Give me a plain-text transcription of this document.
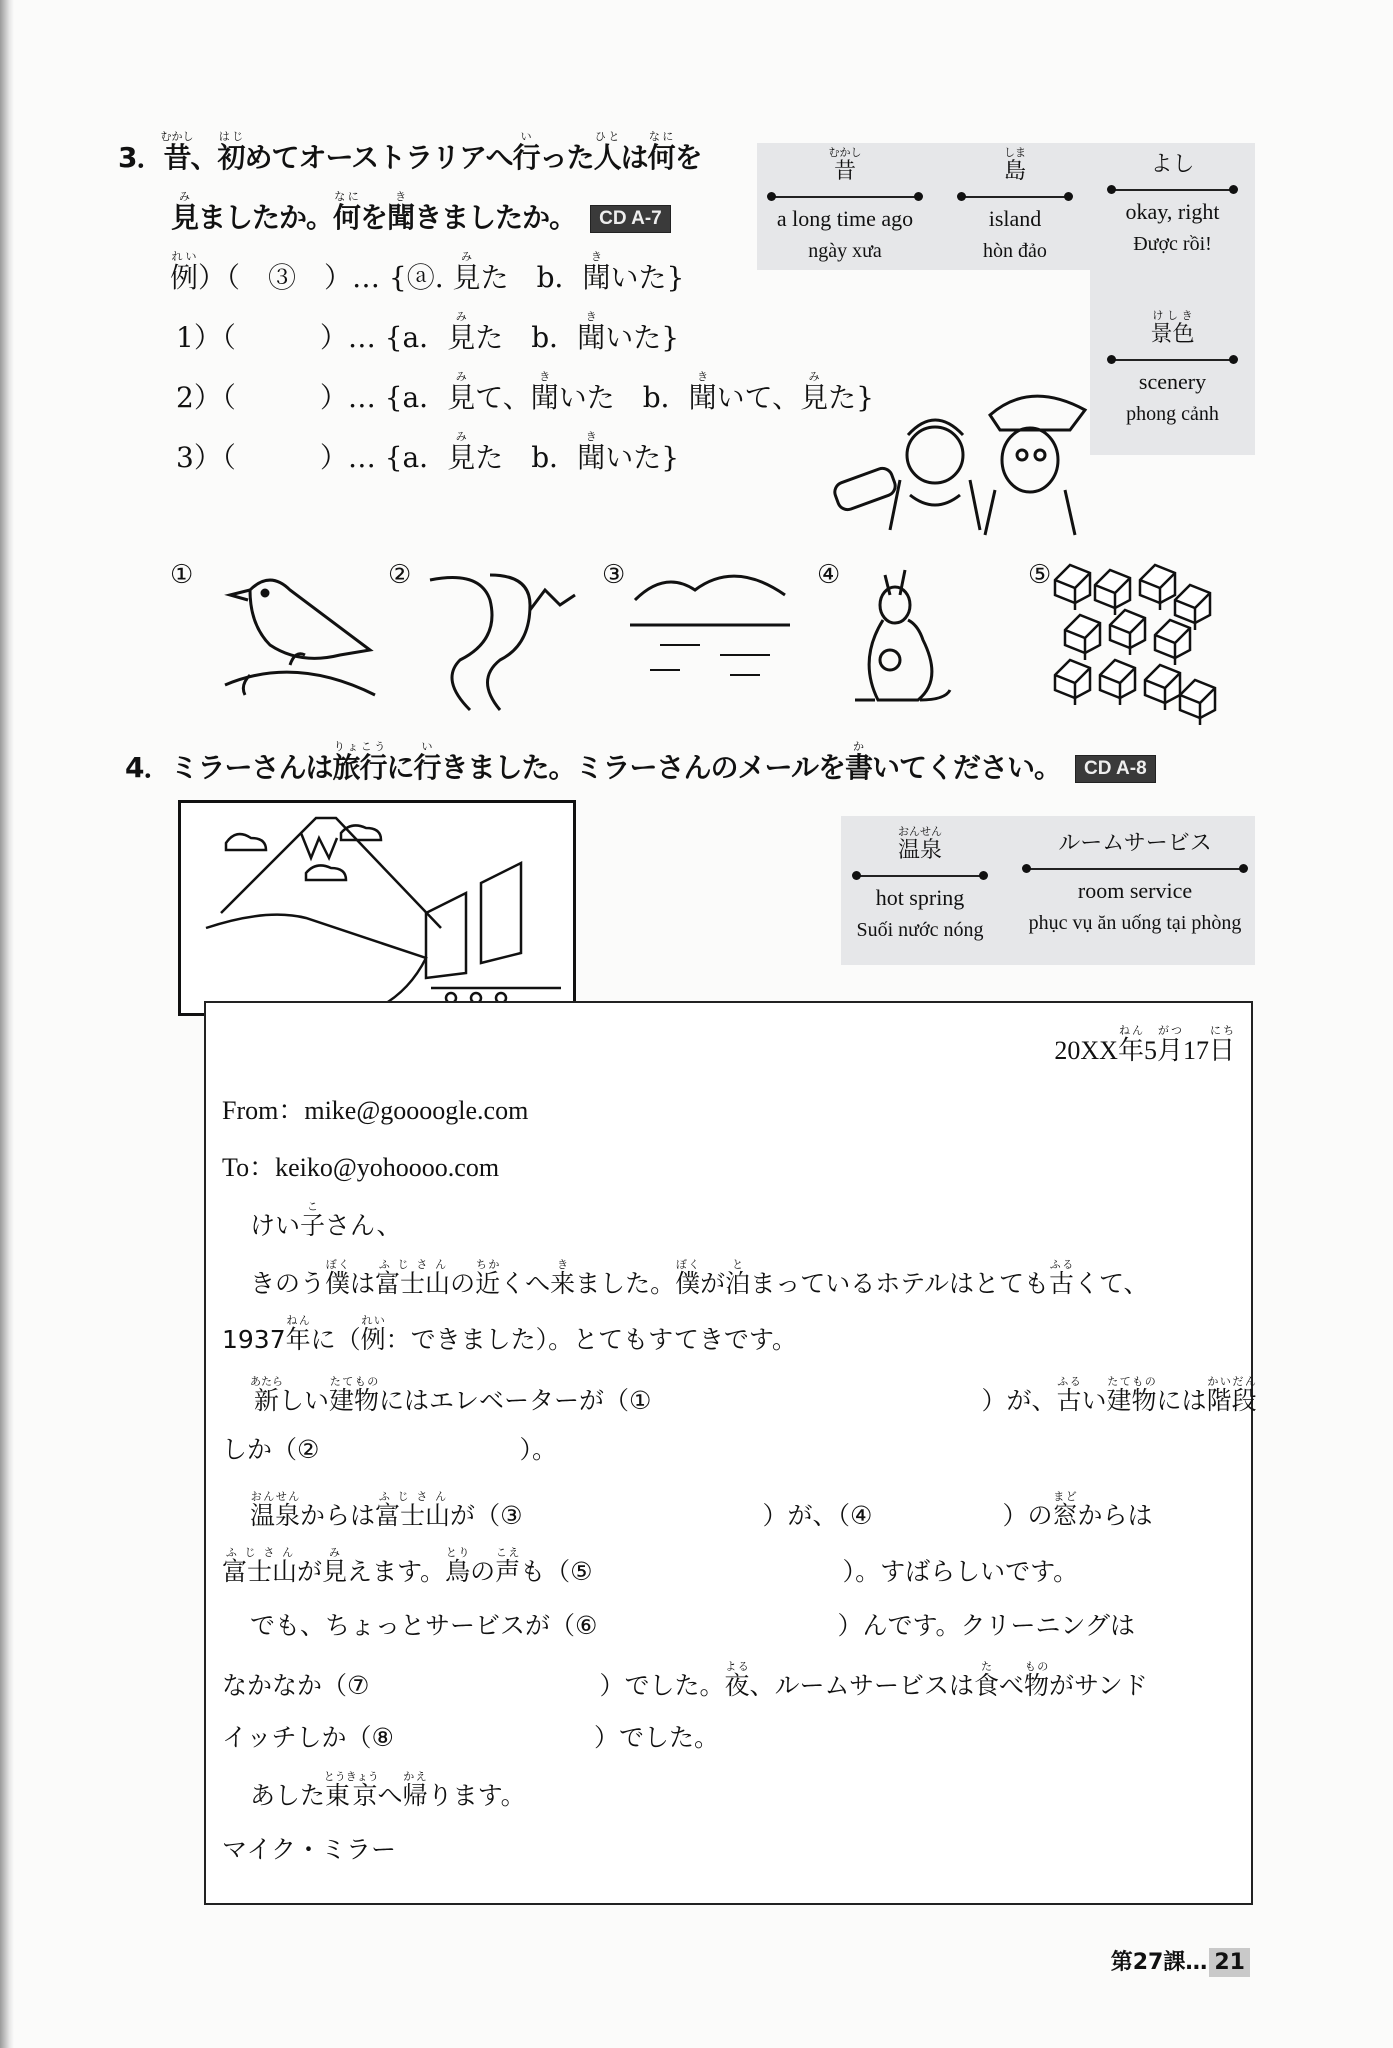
3．昔むかし、初はじめてオーストラリアへ行いった人ひとは何なにを
見みましたか。何なにを聞ききましたか。 CD A-7
例れい）（　③　）… {ⓐ. 見みた　b．聞きいた}
1）（　　　）… {a．見みた　b．聞きいた}
2）（　　　）… {a．見みて、聞きいた　b．聞きいて、見みた}
3）（　　　）… {a．見みた　b．聞きいた}
昔むかし
a long time ago
ngày xưa
島しま
island
hòn đảo
よし
okay, right
Được rồi!
景色けしき
scenery
phong cảnh
①	②	③	④	⑤
4．ミラーさんは旅行りょこうに行いきました。ミラーさんのメールを書かいてください。 CD A-8
温泉おんせん
hot spring
Suối nước nóng
ルームサービス
room service
phục vụ ăn uống tại phòng
20XX年ねん5月がつ17日にち
From：mike@goooogle.com
To：keiko@yohoooo.com
けい子こさん、
きのう僕ぼくは富士山ふじさんの近ちかくへ来きました。僕ぼくが泊とまっているホテルはとても古ふるくて、
1937年ねんに（例れい：できました）。とてもすてきです。
新あたらしい建物たてものにはエレベーターが（①	）が、古ふるい建物たてものには階段かいだん
しか（②	）。
温泉おんせんからは富士山ふじさんが（③	）が、（④	）の窓まどからは
富士山ふじさんが見みえます。鳥とりの声こえも（⑤	）。すばらしいです。
でも、ちょっとサービスが（⑥	）んです。クリーニングは
なかなか（⑦	）でした。夜よる、ルームサービスは食たべ物ものがサンド
イッチしか（⑧	）でした。
あした東京とうきょうへ帰かえります。
マイク・ミラー
第27課… 21
